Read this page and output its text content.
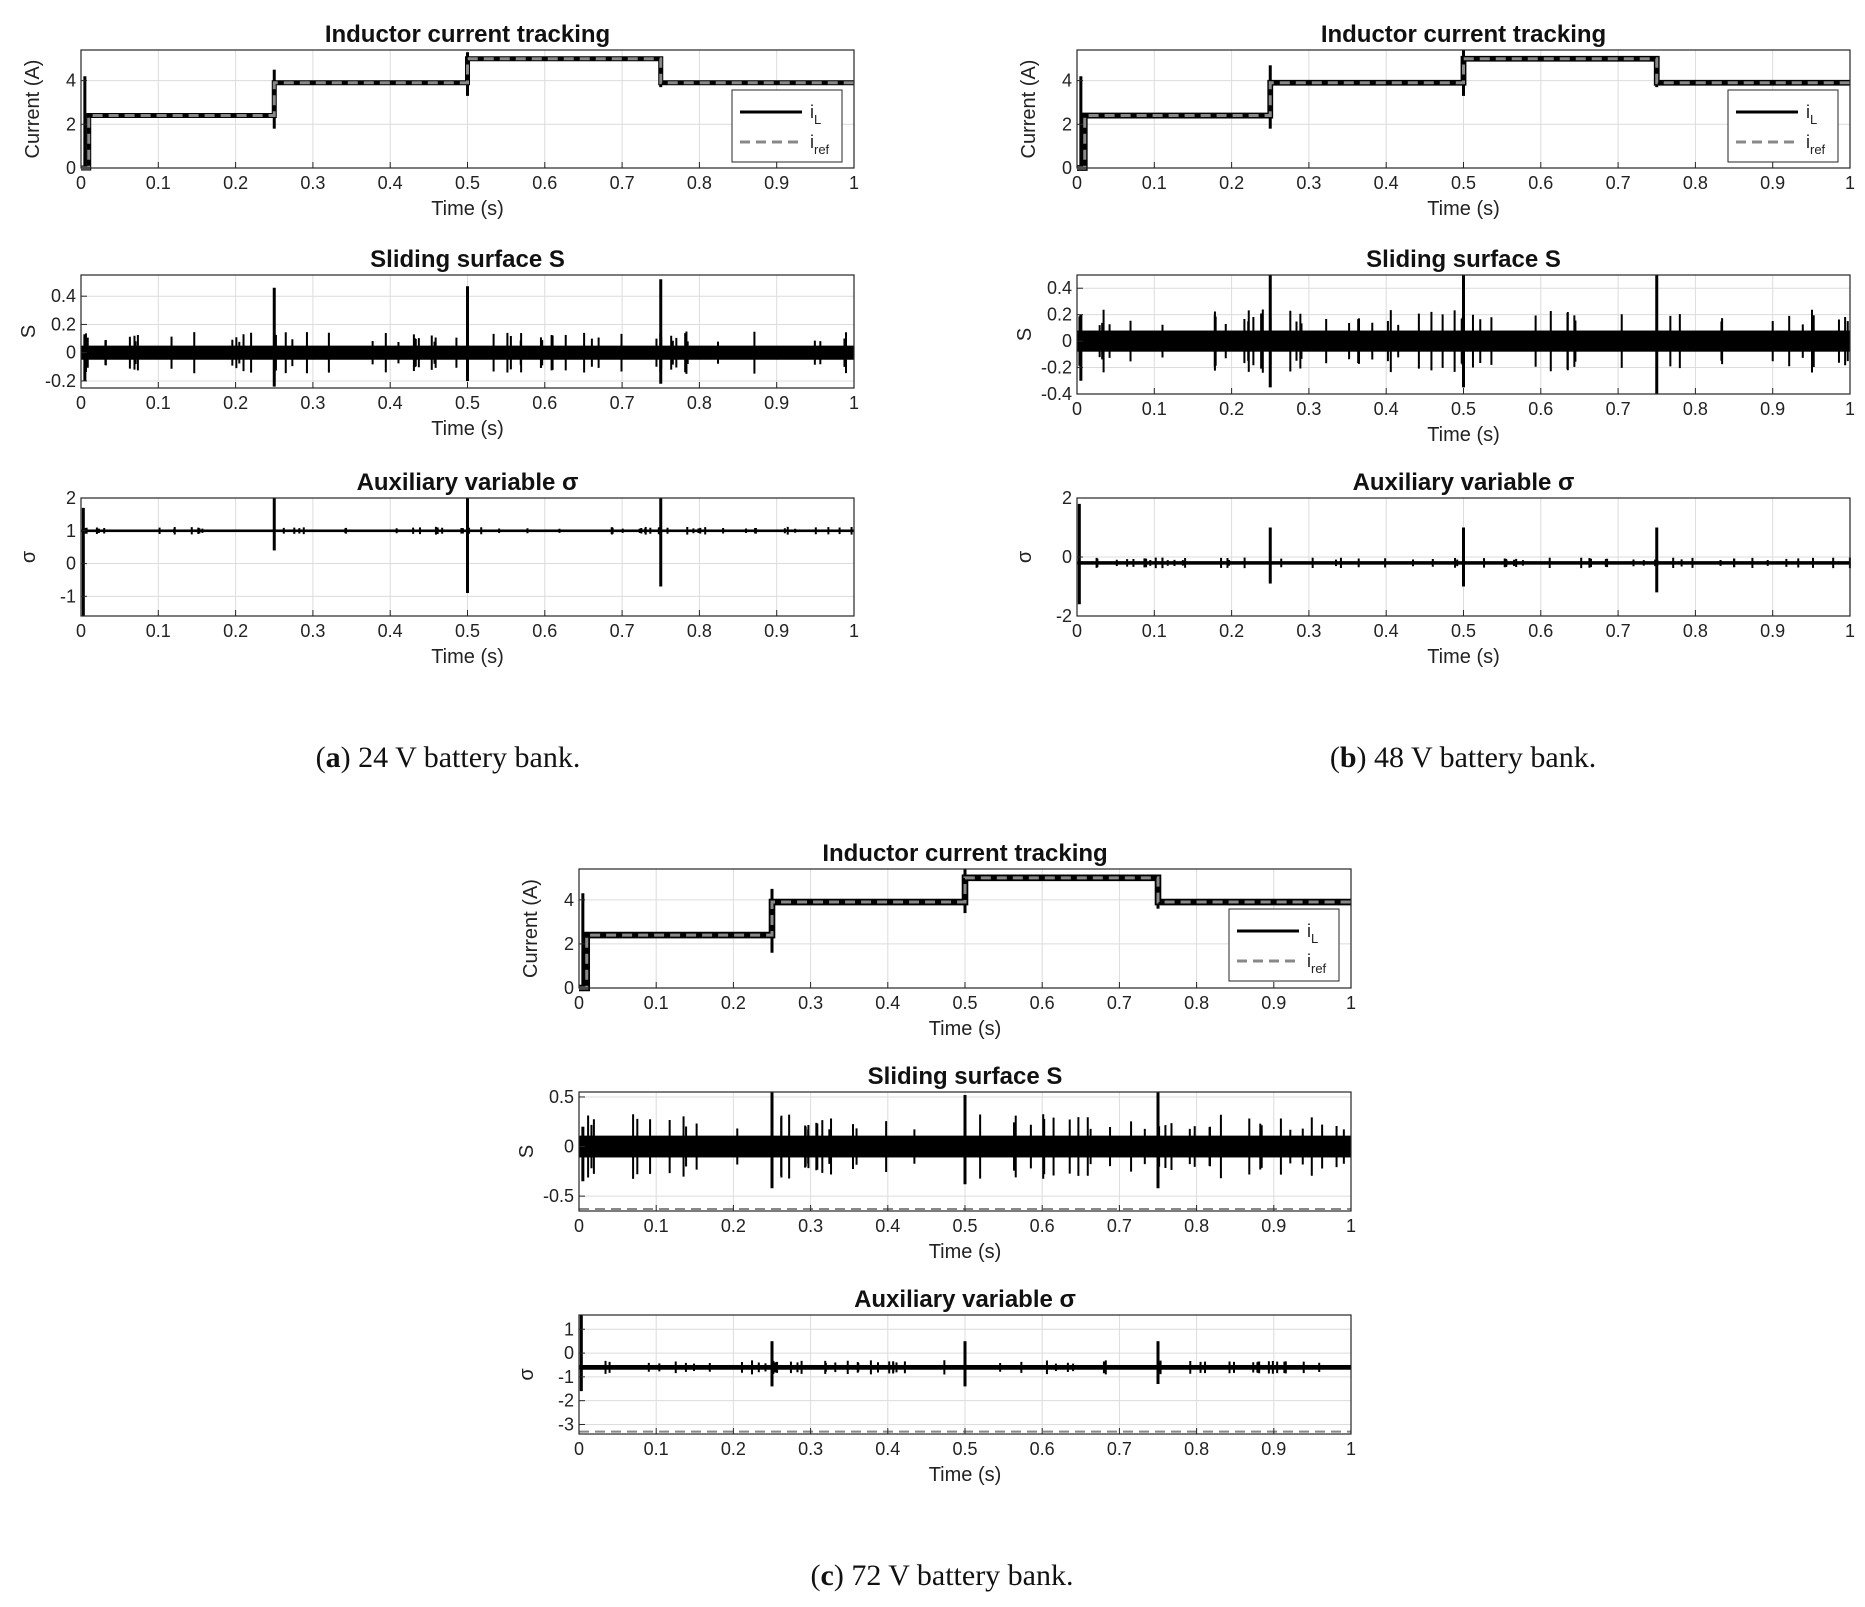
0	0.1	0.2	0.3	0.4	0.5	0.6	0.7	0.8	0.9	1
0
2
4
Inductor current tracking
Time (s)
Current (A)	$i_L$
$i_{ref}$
0	0.1	0.2	0.3	0.4	0.5	0.6	0.7	0.8	0.9	1
-0.2
0
0.2
0.4
Sliding surface S
Time (s)
S
0	0.1	0.2	0.3	0.4	0.5	0.6	0.7	0.8	0.9	1
-1
0
1
2
Auxiliary variable σ
Time (s)
σ
0	0.1	0.2	0.3	0.4	0.5	0.6	0.7	0.8	0.9	1
0
2
4
Inductor current tracking
Time (s)
Current (A)	$i_L$
$i_{ref}$
0	0.1	0.2	0.3	0.4	0.5	0.6	0.7	0.8	0.9	1
-0.4
-0.2
0
0.2
0.4
Sliding surface S
Time (s)
S
0	0.1	0.2	0.3	0.4	0.5	0.6	0.7	0.8	0.9	1
-2
0
2
Auxiliary variable σ
Time (s)
σ
0	0.1	0.2	0.3	0.4	0.5	0.6	0.7	0.8	0.9	1
0
2
4
Inductor current tracking
Time (s)
Current (A)	$i_L$
$i_{ref}$
0	0.1	0.2	0.3	0.4	0.5	0.6	0.7	0.8	0.9	1
-0.5
0
0.5
Sliding surface S
Time (s)
S
0	0.1	0.2	0.3	0.4	0.5	0.6	0.7	0.8	0.9	1
-3
-2
-1
0
1
Auxiliary variable σ
Time (s)
σ
(a) 24 V battery bank.	(b) 48 V battery bank.
(c) 72 V battery bank.
